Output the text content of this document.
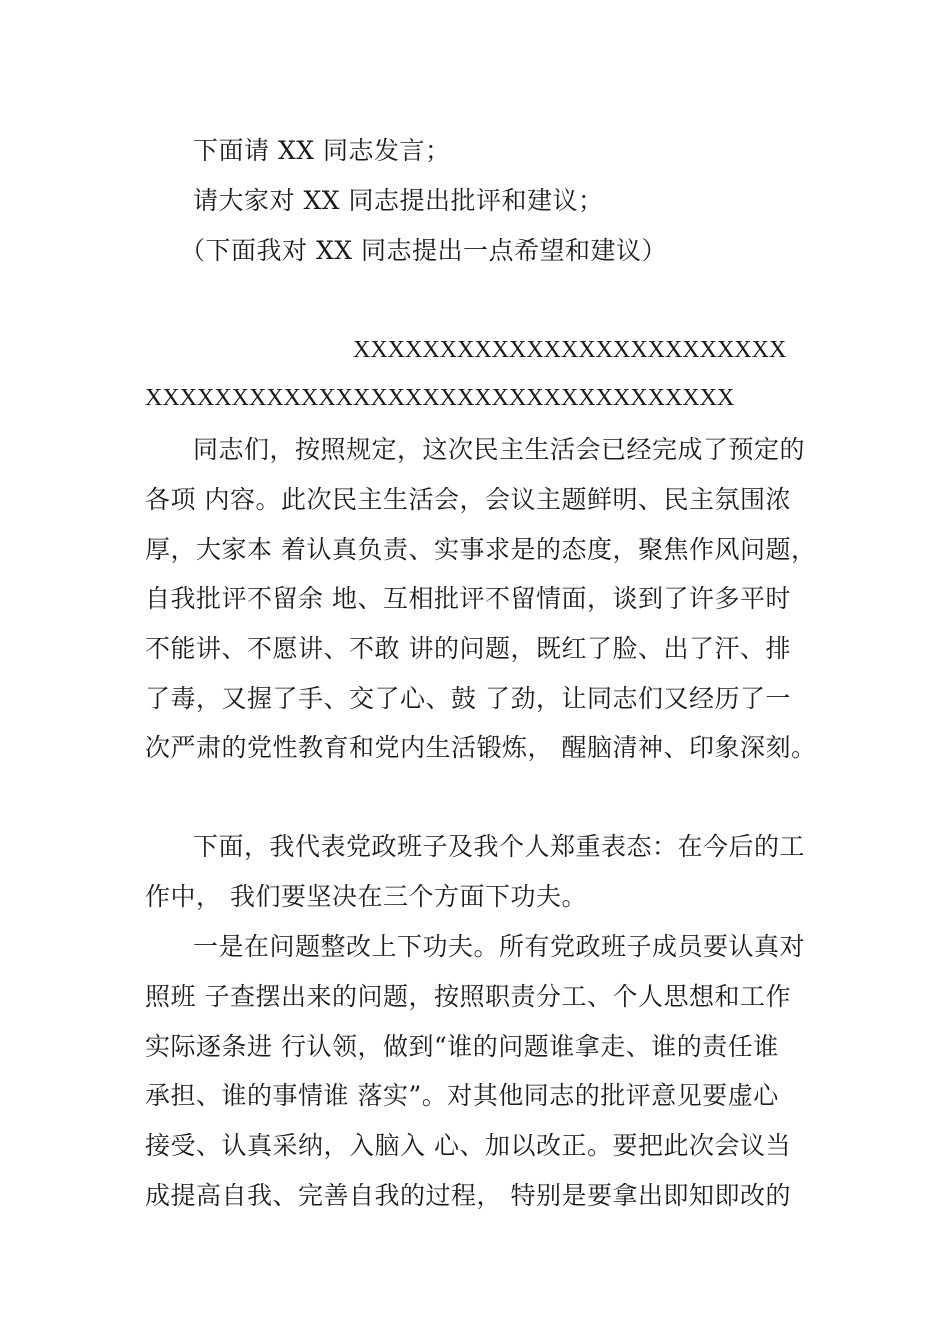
下面请 XX 同志发言；
请大家对 XX 同志提出批评和建议；
（下面我对 XX 同志提出一点希望和建议）
XXXXXXXXXXXXXXXXXXXXXXXXX
XXXXXXXXXXXXXXXXXXXXXXXXXXXXXXXXXX
同志们，按照规定，这次民主生活会已经完成了预定的
各项 内容。此次民主生活会，会议主题鲜明、民主氛围浓
厚，大家本 着认真负责、实事求是的态度，聚焦作风问题，
自我批评不留余 地、互相批评不留情面，谈到了许多平时
不能讲、不愿讲、不敢 讲的问题，既红了脸、出了汗、排
了毒，又握了手、交了心、鼓 了劲，让同志们又经历了一
次严肃的党性教育和党内生活锻炼， 醒脑清神、印象深刻。
下面，我代表党政班子及我个人郑重表态：在今后的工
作中， 我们要坚决在三个方面下功夫。
一是在问题整改上下功夫。所有党政班子成员要认真对
照班 子查摆出来的问题，按照职责分工、个人思想和工作
实际逐条进 行认领，做到“谁的问题谁拿走、谁的责任谁
承担、谁的事情谁 落实”。对其他同志的批评意见要虚心
接受、认真采纳，入脑入 心、加以改正。要把此次会议当
成提高自我、完善自我的过程， 特别是要拿出即知即改的
